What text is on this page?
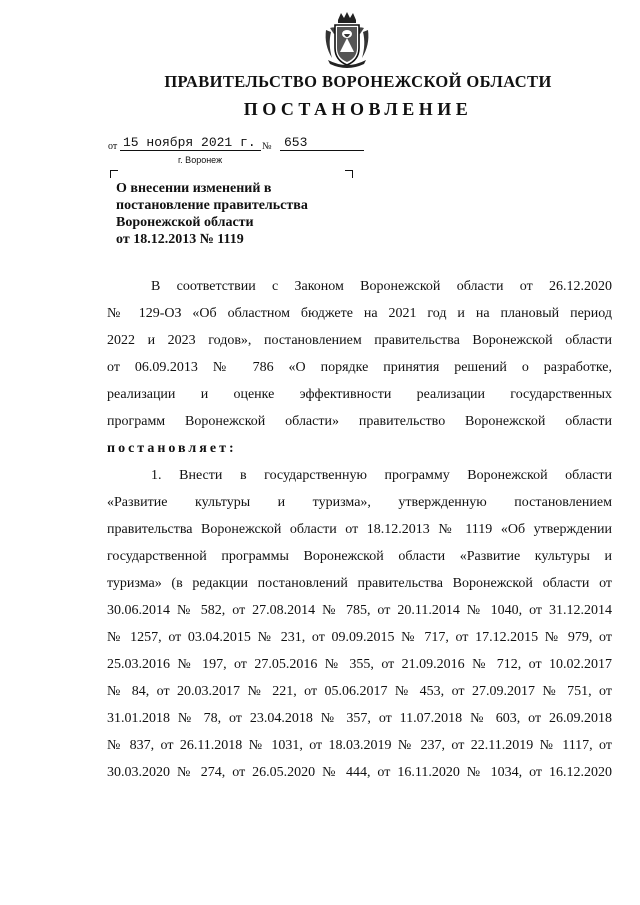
ПРАВИТЕЛЬСТВО ВОРОНЕЖСКОЙ ОБЛАСТИ
ПОСТАНОВЛЕНИЕ
от 15 ноября 2021 г. № 653
г. Воронеж
О внесении изменений в
постановление правительства
Воронежской области
от 18.12.2013 № 1119
В соответствии с Законом Воронежской области от 26.12.2020
№ 129-ОЗ «Об областном бюджете на 2021 год и на плановый период
2022 и 2023 годов», постановлением правительства Воронежской области
от 06.09.2013 № 786 «О порядке принятия решений о разработке,
реализации и оценке эффективности реализации государственных
программ Воронежской области» правительство Воронежской области
постановляет:
1. Внести в государственную программу Воронежской области
«Развитие культуры и туризма», утвержденную постановлением
правительства Воронежской области от 18.12.2013 № 1119 «Об утверждении
государственной программы Воронежской области «Развитие культуры и
туризма» (в редакции постановлений правительства Воронежской области от
30.06.2014 № 582, от 27.08.2014 № 785, от 20.11.2014 № 1040, от 31.12.2014
№ 1257, от 03.04.2015 № 231, от 09.09.2015 № 717, от 17.12.2015 № 979, от
25.03.2016 № 197, от 27.05.2016 № 355, от 21.09.2016 № 712, от 10.02.2017
№ 84, от 20.03.2017 № 221, от 05.06.2017 № 453, от 27.09.2017 № 751, от
31.01.2018 № 78, от 23.04.2018 № 357, от 11.07.2018 № 603, от 26.09.2018
№ 837, от 26.11.2018 № 1031, от 18.03.2019 № 237, от 22.11.2019 № 1117, от
30.03.2020 № 274, от 26.05.2020 № 444, от 16.11.2020 № 1034, от 16.12.2020
